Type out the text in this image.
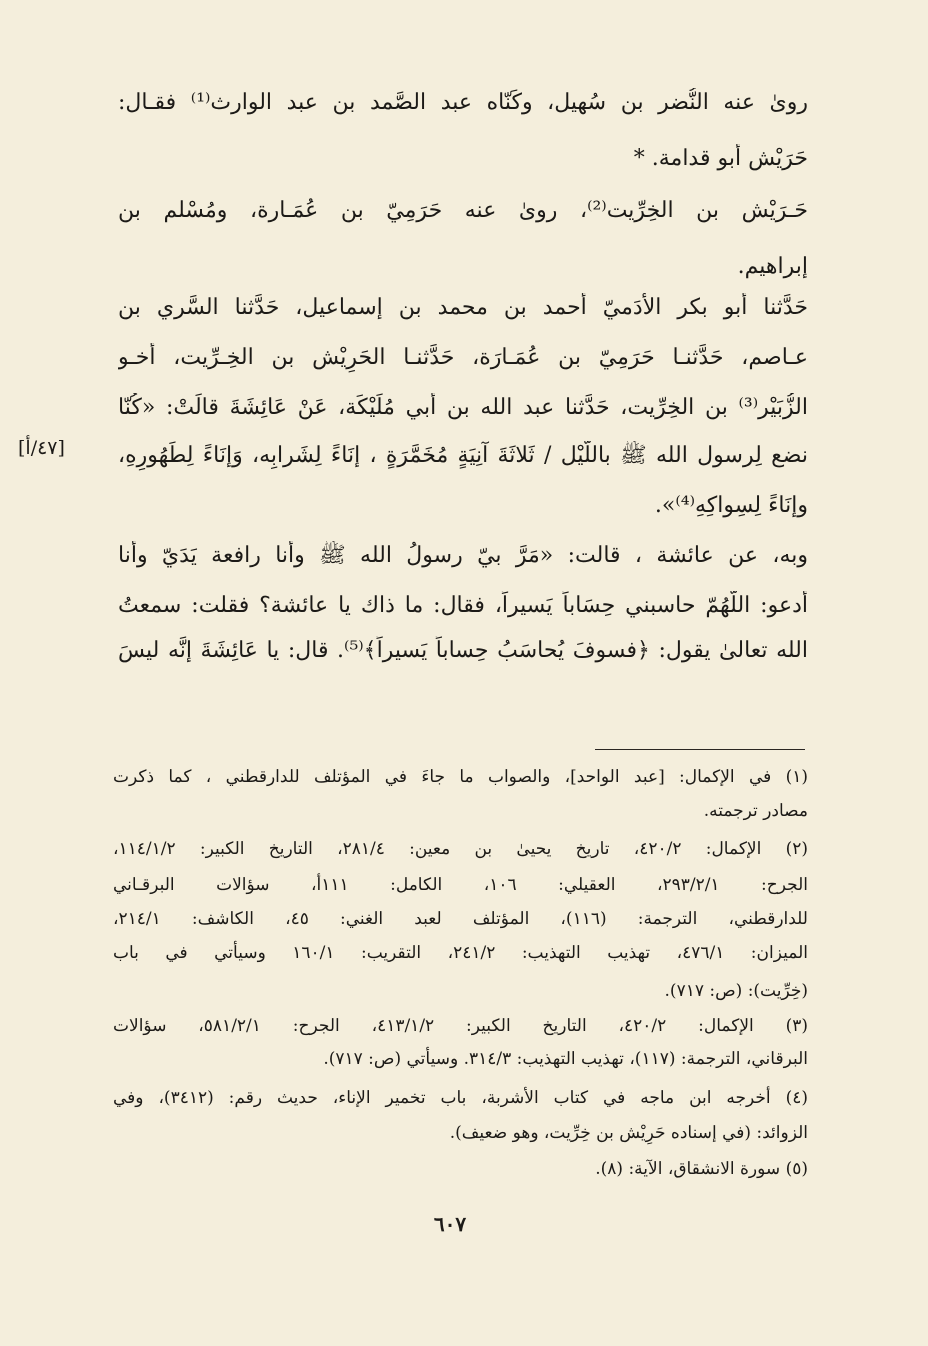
رویٰ عنه النُّضر بن سُهيل، وكَنّاه عبد الصَّمد بن عبد الوارث⁽¹⁾ فقـال:
حَرَيْش أبو قدامة. *
حَـرَيْش بن الخِرِّيت⁽²⁾، روىٰ عنه حَرَمِيّ بن عُمَـارة، ومُسْلم بن
إبراهيم.
حَدَّثنا أبو بكر الأَدَميّ أحمد بن محمد بن إسماعيل، حَدَّثنا السَّري بن
عـاصم، حَدَّثنـا حَرَمِيّ بن عُمَـارَة، حَدَّثنـا الحَرِيْش بن الخِـرِّيت، أخـو
الزُّبَيْر⁽³⁾ بن الخِرِّيت، حَدَّثنا عبد الله بن أبي مُلَيْكَة، عَنْ عَائِشَةَ قالَتْ: «كُنّا
نضع لِرسول الله ﷺ باللَّيْل / ثَلاثَةَ آنِيَةٍ مُخَمَّرَةٍ ، إنَاءً لِشَرابِه، وَإنَاءً لِطَهُورِهِ،
وإنَاءً لِسِواكِهِ⁽⁴⁾».
وبه، عن عائشة ، قالت: «مَرَّ بيّ رسولُ الله ﷺ وأنا رافعة يَدَيّ وأنا
أدعو: اللَّهُمّ حاسبني حِسَاباً يَسيراً، فقال: ما ذاك يا عائشة؟ فقلت: سمعتُ
الله تعالىٰ يقول: ﴿فسوفَ يُحاسَبُ حِساباً يَسيراً﴾⁽⁵⁾. قال: يا عَائِشَةَ إنَّه ليسَ
[٤٧/أ]
(١) في الإكمال: [عبد الواحد]، والصواب ما جاءَ في المؤتلف للدارقطني ، كما ذكرت
مصادر ترجمته.
(٢) الإكمال: ٤٢٠/٢، تاريخ يحيىٰ بن معين: ٢٨١/٤، التاريخ الكبير: ١١٤/١/٢،
الجرح: ٢٩٣/٢/١، العقيلي: ١٠٦، الكامل: ١١١أ، سؤالات البرقـاني
للدارقطني، الترجمة: (١١٦)، المؤتلف لعبد الغني: ٤٥، الكاشف: ٢١٤/١،
الميزان: ٤٧٦/١، تهذيب التهذيب: ٢٤١/٢، التقريب: ١٦٠/١ وسيأتي في باب
(خِرِّيت): (ص: ٧١٧).
(٣) الإكمال: ٤٢٠/٢، التاريخ الكبير: ٤١٣/١/٢، الجرح: ٥٨١/٢/١، سؤالات
البرقاني، الترجمة: (١١٧)، تهذيب التهذيب: ٣١٤/٣. وسيأتي (ص: ٧١٧).
(٤) أخرجه ابن ماجه في كتاب الأشربة، باب تخمير الإناء، حديث رقم: (٣٤١٢)، وفي
الزوائد: (في إسناده حَرِيْش بن خِرِّيت، وهو ضعيف).
(٥) سورة الانشقاق، الآية: (٨).
٦٠٧
